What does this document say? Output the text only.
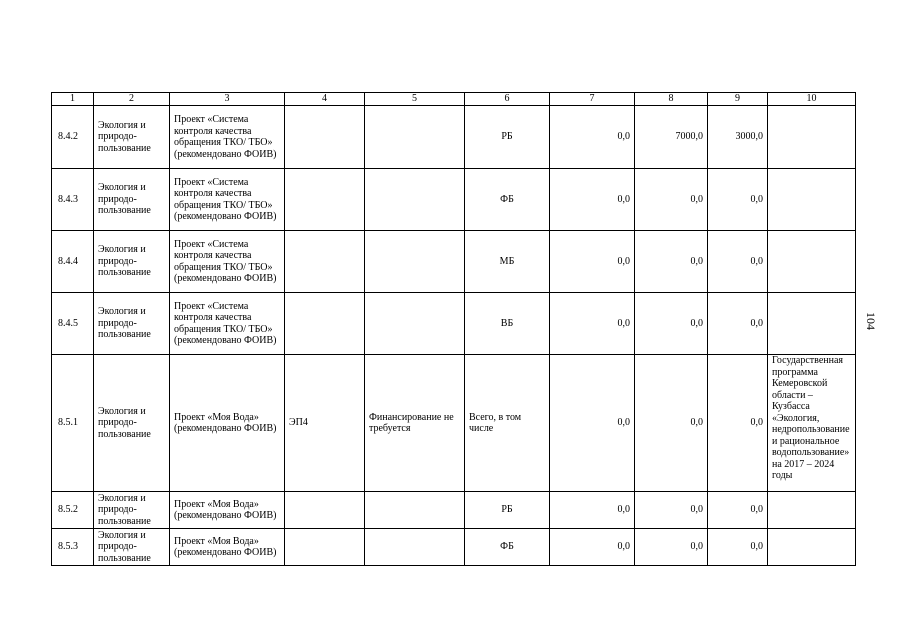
1	2	3	4	5	6	7	8	9	10
8.4.2	Экология и природо-пользование	Проект «Система контроля качества обращения ТКО/ ТБО» (рекомендовано ФОИВ)			РБ	0,0	7000,0	3000,0	
8.4.3	Экология и природо-пользование	Проект «Система контроля качества обращения ТКО/ ТБО» (рекомендовано ФОИВ)			ФБ	0,0	0,0	0,0	
8.4.4	Экология и природо-пользование	Проект «Система контроля качества обращения ТКО/ ТБО» (рекомендовано ФОИВ)			МБ	0,0	0,0	0,0	
8.4.5	Экология и природо-пользование	Проект «Система контроля качества обращения ТКО/ ТБО» (рекомендовано ФОИВ)			ВБ	0,0	0,0	0,0	
8.5.1	Экология и природо-пользование	Проект «Моя Вода» (рекомендовано ФОИВ)	ЭП4	Финансирование не требуется	Всего, в том числе	0,0	0,0	0,0	Государственная программа Кемеровской области – Кузбасса «Экология, недропользование и рациональное водопользование» на 2017 – 2024 годы
8.5.2	Экология и природо-пользование	Проект «Моя Вода» (рекомендовано ФОИВ)			РБ	0,0	0,0	0,0	
8.5.3	Экология и природо-пользование	Проект «Моя Вода» (рекомендовано ФОИВ)			ФБ	0,0	0,0	0,0	
104
